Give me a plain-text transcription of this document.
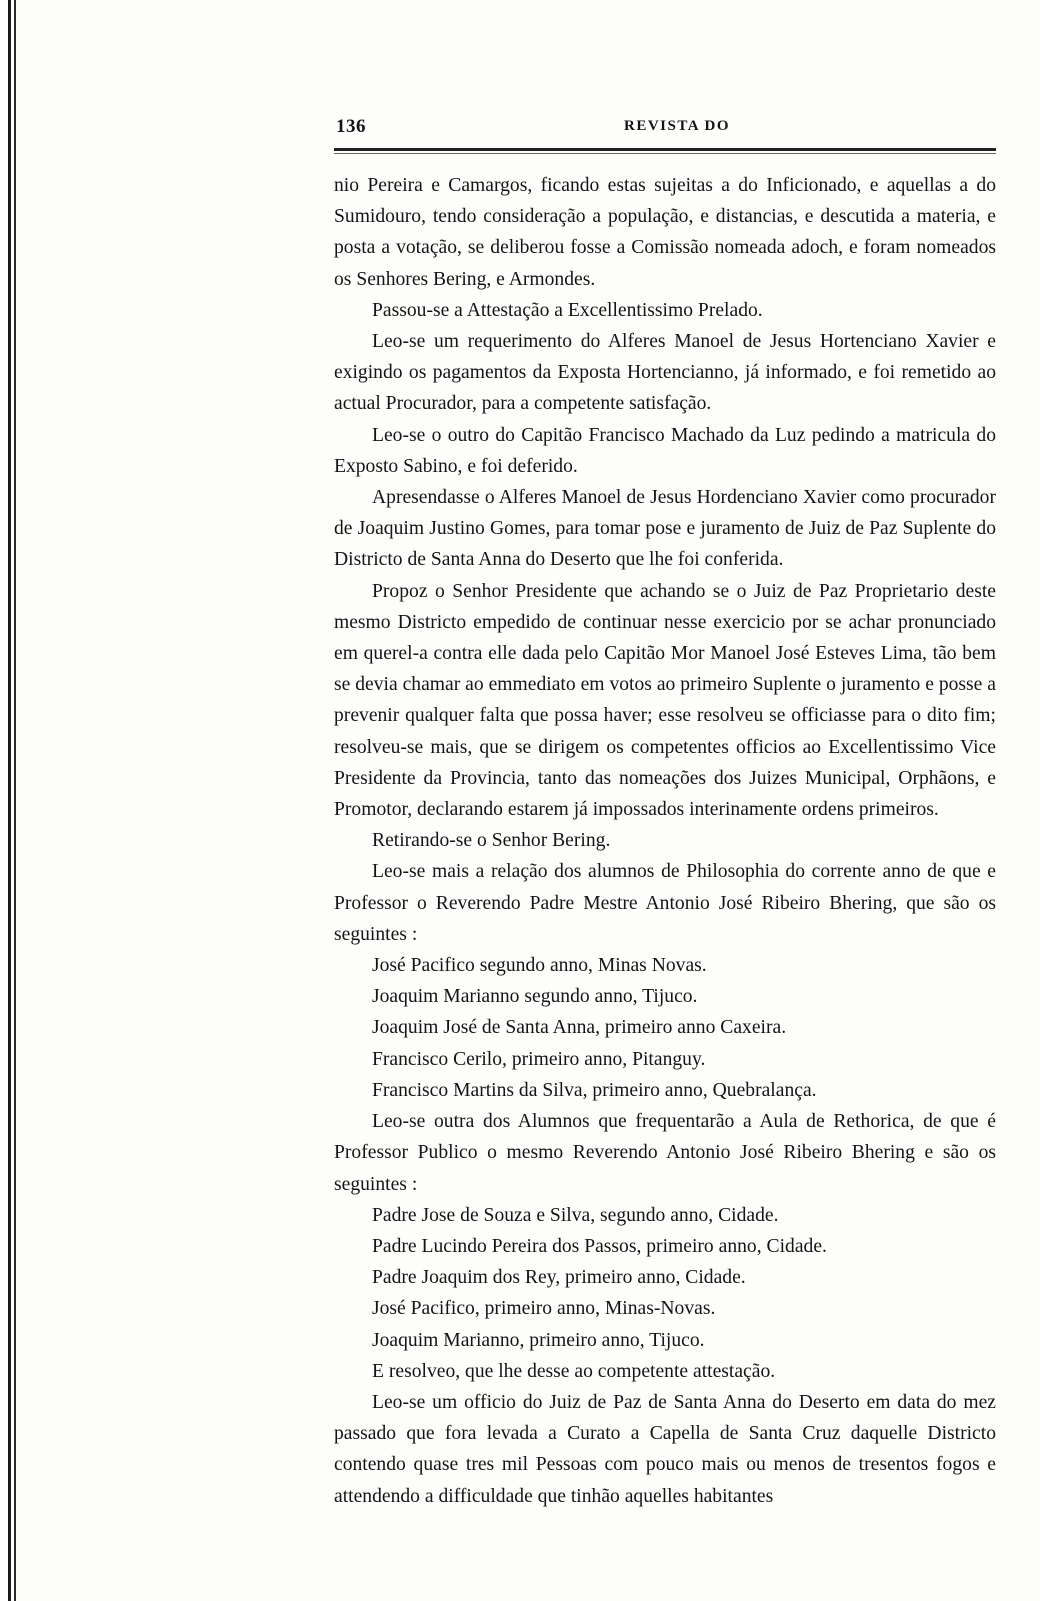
136	REVISTA DO

nio Pereira e Camargos, ficando estas sujeitas a do Inficionado, e aquellas a do Sumidouro, tendo consideração a população, e distancias, e descutida a materia, e posta a votação, se deliberou fosse a Comissão nomeada adoch, e foram nomeados os Senhores Bering, e Armondes.

Passou-se a Attestação a Excellentissimo Prelado.

Leo-se um requerimento do Alferes Manoel de Jesus Hortenciano Xavier e exigindo os pagamentos da Exposta Hortencianno, já informado, e foi remetido ao actual Procurador, para a competente satisfação.

Leo-se o outro do Capitão Francisco Machado da Luz pedindo a matricula do Exposto Sabino, e foi deferido.

Apresendasse o Alferes Manoel de Jesus Hordenciano Xavier como procurador de Joaquim Justino Gomes, para tomar pose e juramento de Juiz de Paz Suplente do Districto de Santa Anna do Deserto que lhe foi conferida.

Propoz o Senhor Presidente que achando se o Juiz de Paz Proprietario deste mesmo Districto empedido de continuar nesse exercicio por se achar pronunciado em querel-a contra elle dada pelo Capitão Mor Manoel José Esteves Lima, tão bem se devia chamar ao emmediato em votos ao primeiro Suplente o juramento e posse a prevenir qualquer falta que possa haver; esse resolveu se officiasse para o dito fim; resolveu-se mais, que se dirigem os competentes officios ao Excellentissimo Vice Presidente da Provincia, tanto das nomeações dos Juizes Municipal, Orphãons, e Promotor, declarando estarem já impossados interinamente ordens primeiros.

Retirando-se o Senhor Bering.

Leo-se mais a relação dos alumnos de Philosophia do corrente anno de que e Professor o Reverendo Padre Mestre Antonio José Ribeiro Bhering, que são os seguintes :

José Pacifico segundo anno, Minas Novas.

Joaquim Marianno segundo anno, Tijuco.

Joaquim José de Santa Anna, primeiro anno Caxeira.

Francisco Cerilo, primeiro anno, Pitanguy.

Francisco Martins da Silva, primeiro anno, Quebralança.

Leo-se outra dos Alumnos que frequentarão a Aula de Rethorica, de que é Professor Publico o mesmo Reverendo Antonio José Ribeiro Bhering e são os seguintes :

Padre Jose de Souza e Silva, segundo anno, Cidade.

Padre Lucindo Pereira dos Passos, primeiro anno, Cidade.

Padre Joaquim dos Rey, primeiro anno, Cidade.

José Pacifico, primeiro anno, Minas-Novas.

Joaquim Marianno, primeiro anno, Tijuco.

E resolveo, que lhe desse ao competente attestação.

Leo-se um officio do Juiz de Paz de Santa Anna do Deserto em data do mez passado que fora levada a Curato a Capella de Santa Cruz daquelle Districto contendo quase tres mil Pessoas com pouco mais ou menos de tresentos fogos e attendendo a difficuldade que tinhão aquelles habitantes
